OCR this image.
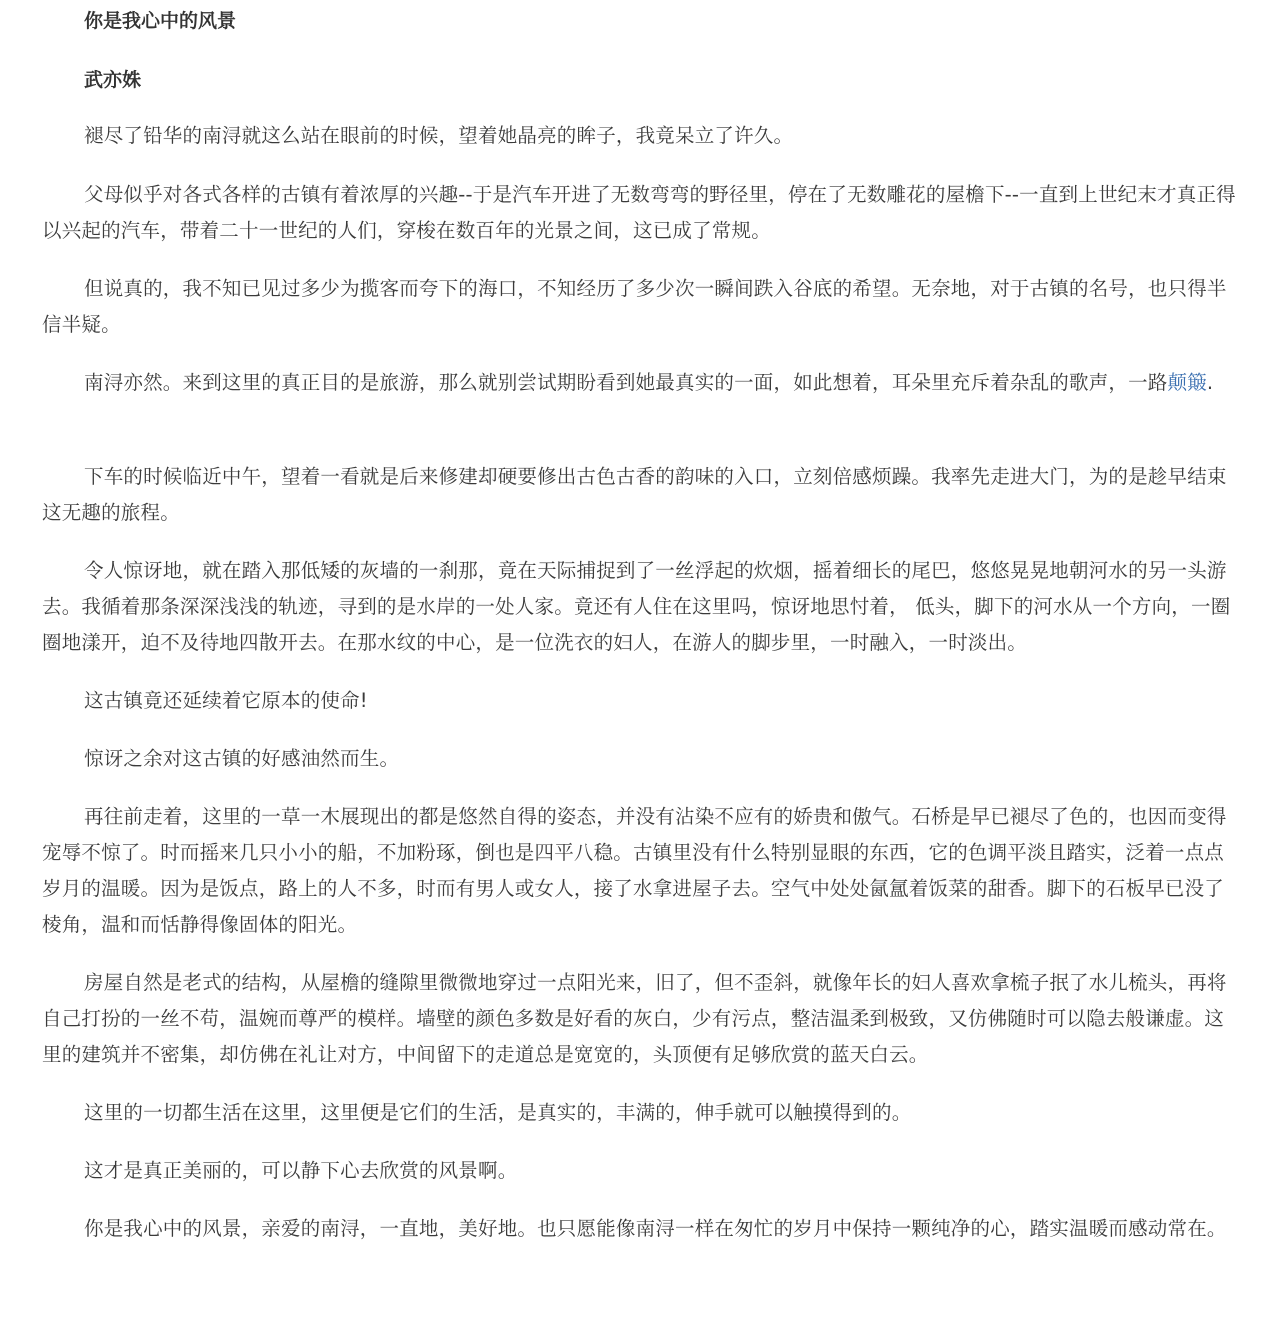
你是我心中的风景
武亦姝

褪尽了铅华的南浔就这么站在眼前的时候，望着她晶亮的眸子，我竟呆立了许久。

父母似乎对各式各样的古镇有着浓厚的兴趣--于是汽车开进了无数弯弯的野径里，停在了无数雕花的屋檐下--一直到上世纪末才真正得以兴起的汽车，带着二十一世纪的人们，穿梭在数百年的光景之间，这已成了常规。

但说真的，我不知已见过多少为揽客而夸下的海口，不知经历了多少次一瞬间跌入谷底的希望。无奈地，对于古镇的名号，也只得半信半疑。

南浔亦然。来到这里的真正目的是旅游，那么就别尝试期盼看到她最真实的一面，如此想着，耳朵里充斥着杂乱的歌声，一路颠簸.

下车的时候临近中午，望着一看就是后来修建却硬要修出古色古香的韵味的入口，立刻倍感烦躁。我率先走进大门，为的是趁早结束这无趣的旅程。

令人惊讶地，就在踏入那低矮的灰墙的一刹那，竟在天际捕捉到了一丝浮起的炊烟，摇着细长的尾巴，悠悠晃晃地朝河水的另一头游去。我循着那条深深浅浅的轨迹，寻到的是水岸的一处人家。竟还有人住在这里吗，惊讶地思忖着， 低头，脚下的河水从一个方向，一圈圈地漾开，迫不及待地四散开去。在那水纹的中心，是一位洗衣的妇人，在游人的脚步里，一时融入，一时淡出。

这古镇竟还延续着它原本的使命!

惊讶之余对这古镇的好感油然而生。

再往前走着，这里的一草一木展现出的都是悠然自得的姿态，并没有沾染不应有的娇贵和傲气。石桥是早已褪尽了色的，也因而变得宠辱不惊了。时而摇来几只小小的船，不加粉琢，倒也是四平八稳。古镇里没有什么特别显眼的东西，它的色调平淡且踏实，泛着一点点岁月的温暖。因为是饭点，路上的人不多，时而有男人或女人，接了水拿进屋子去。空气中处处氤氲着饭菜的甜香。脚下的石板早已没了棱角，温和而恬静得像固体的阳光。

房屋自然是老式的结构，从屋檐的缝隙里微微地穿过一点阳光来，旧了，但不歪斜，就像年长的妇人喜欢拿梳子抿了水儿梳头，再将自己打扮的一丝不苟，温婉而尊严的模样。墙壁的颜色多数是好看的灰白，少有污点，整洁温柔到极致，又仿佛随时可以隐去般谦虚。这里的建筑并不密集，却仿佛在礼让对方，中间留下的走道总是宽宽的，头顶便有足够欣赏的蓝天白云。

这里的一切都生活在这里，这里便是它们的生活，是真实的，丰满的，伸手就可以触摸得到的。

这才是真正美丽的，可以静下心去欣赏的风景啊。

你是我心中的风景，亲爱的南浔，一直地，美好地。也只愿能像南浔一样在匆忙的岁月中保持一颗纯净的心，踏实温暖而感动常在。
